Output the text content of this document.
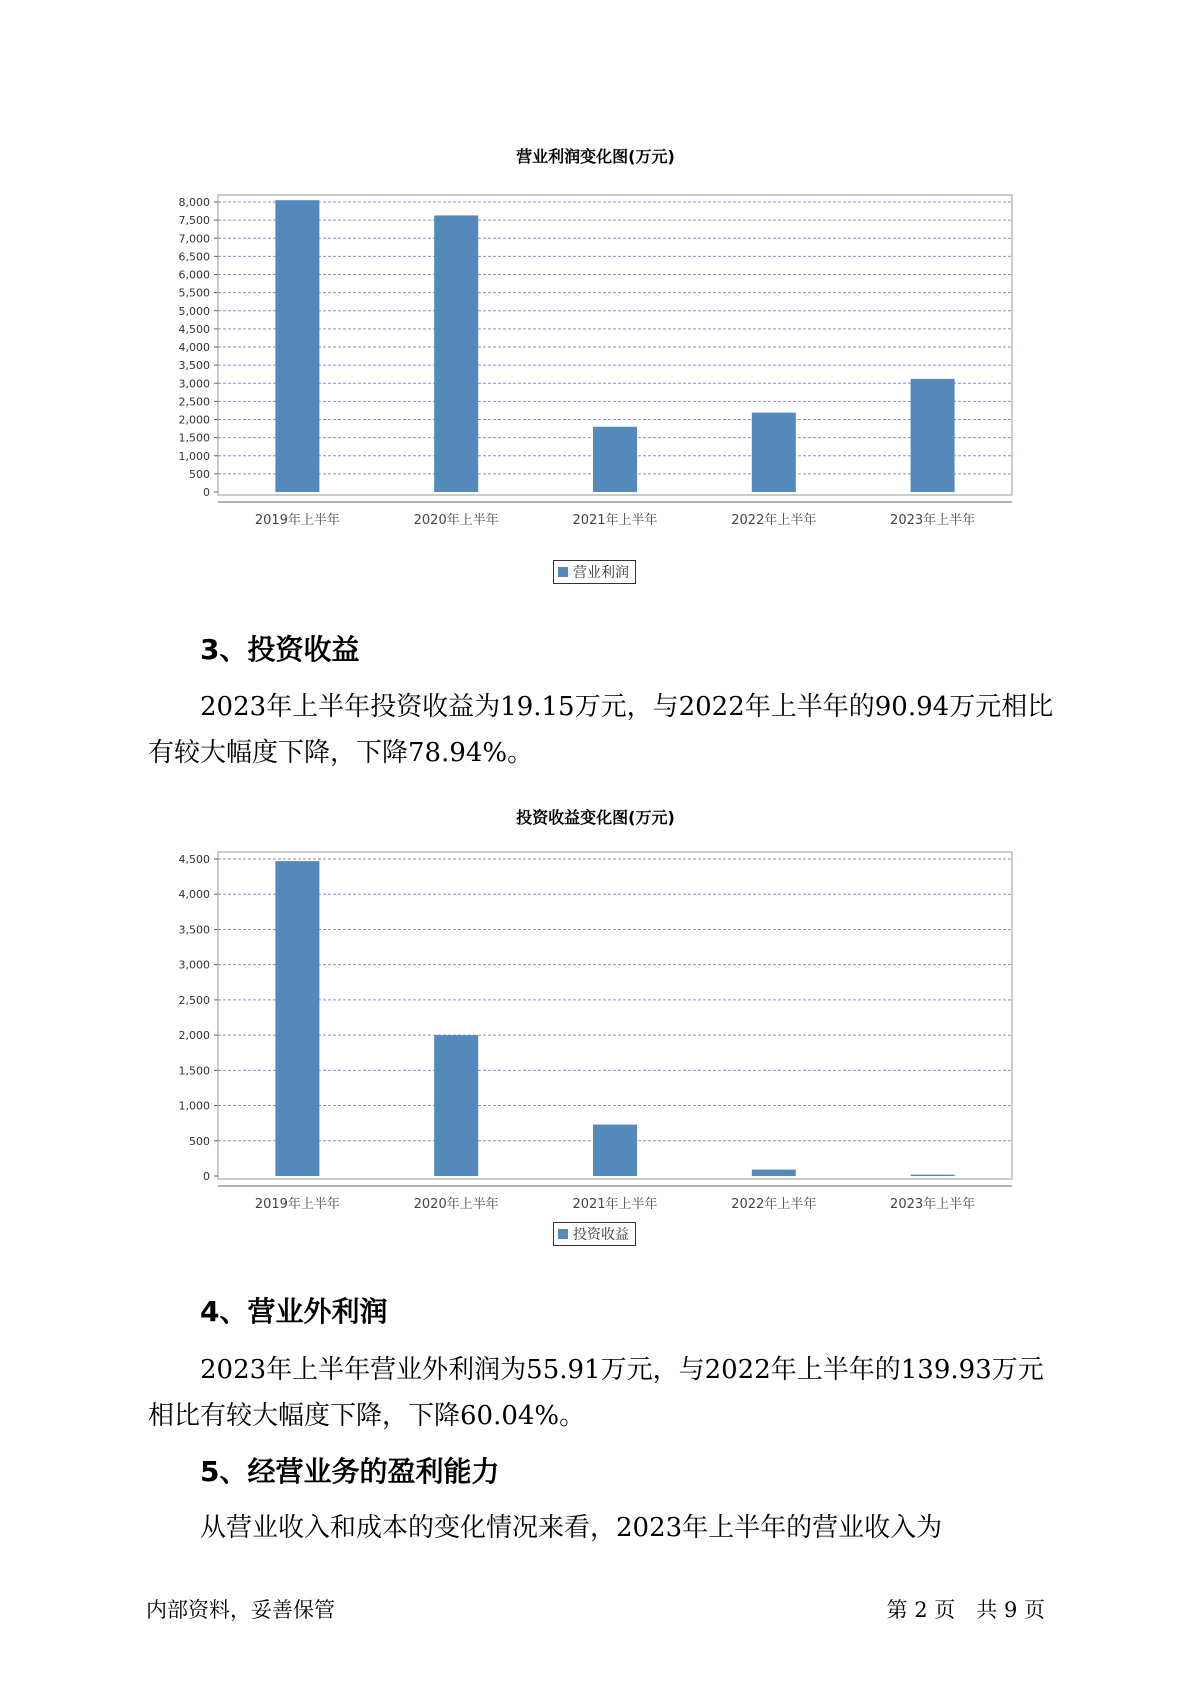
营业利润变化图(万元)
0
500
1,000
1,500
2,000
2,500
3,000
3,500
4,000
4,500
5,000
5,500
6,000
6,500
7,000
7,500
8,000
2019年上半年	2020年上半年	2021年上半年	2022年上半年	2023年上半年
营业利润
3、投资收益

2023年上半年投资收益为19.15万元，与2022年上半年的90.94万元相比有较大幅度下降，下降78.94%。

投资收益变化图(万元)
0
500
1,000
1,500
2,000
2,500
3,000
3,500
4,000
4,500
2019年上半年	2020年上半年	2021年上半年	2022年上半年	2023年上半年
投资收益
4、营业外利润

2023年上半年营业外利润为55.91万元，与2022年上半年的139.93万元相比有较大幅度下降，下降60.04%。

5、经营业务的盈利能力

从营业收入和成本的变化情况来看，2023年上半年的营业收入为

内部资料，妥善保管	第 2 页　共 9 页
